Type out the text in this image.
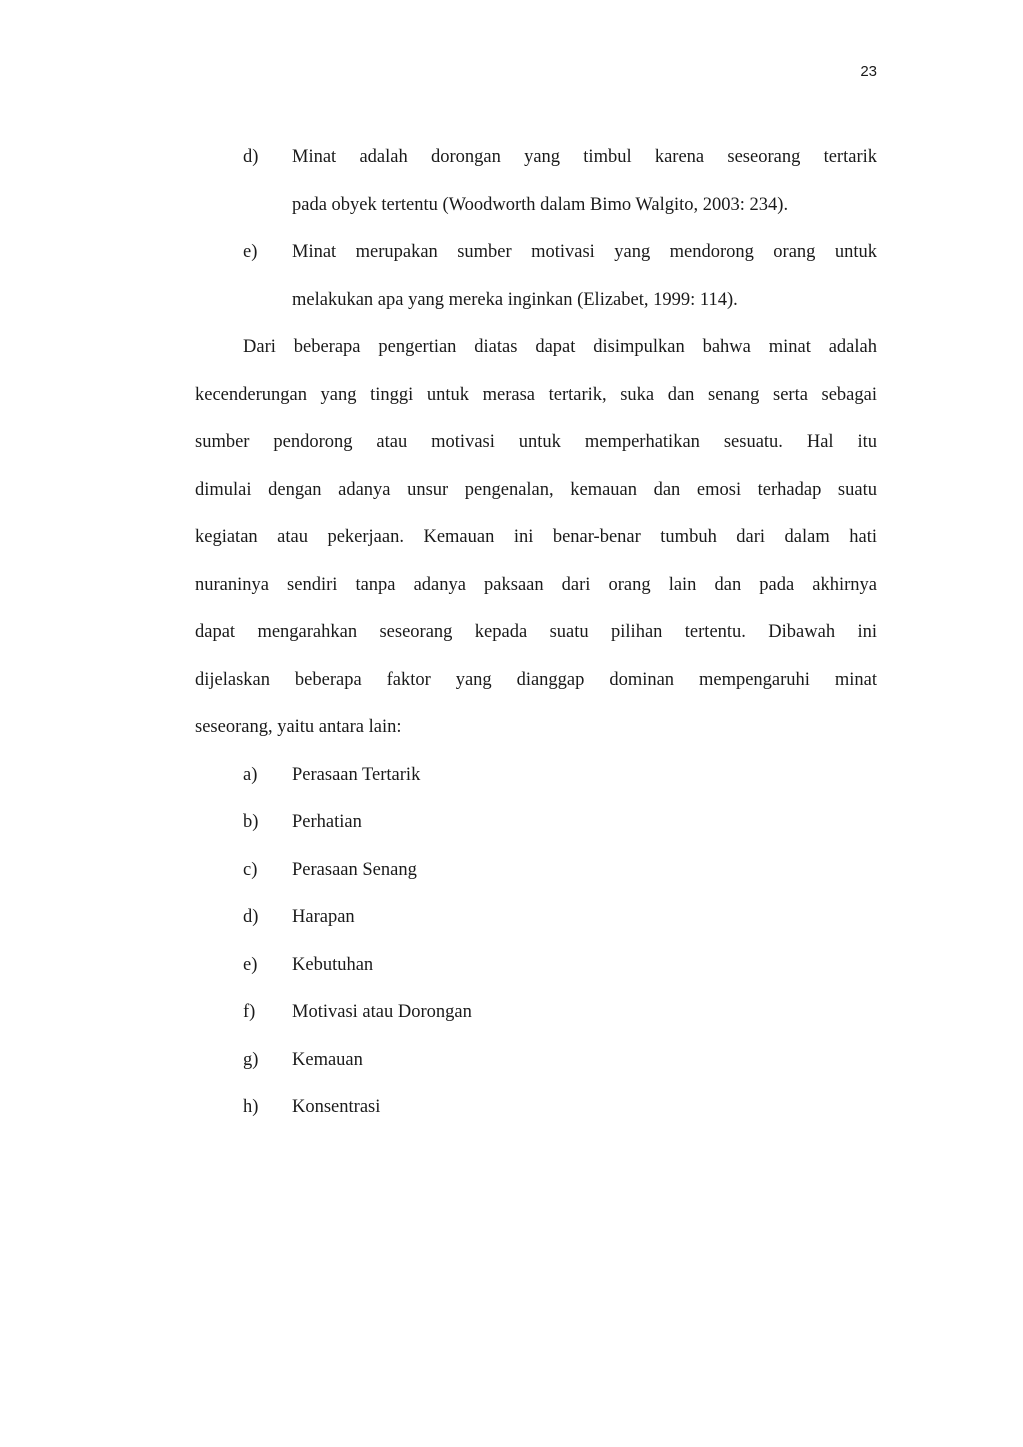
23
d)	Minat adalah dorongan yang timbul karena seseorang tertarik
pada obyek tertentu (Woodworth dalam Bimo Walgito, 2003: 234).
e)	Minat merupakan sumber motivasi yang mendorong orang untuk
melakukan apa yang mereka inginkan (Elizabet, 1999: 114).
Dari beberapa pengertian diatas dapat disimpulkan bahwa minat adalah
kecenderungan yang tinggi untuk merasa tertarik, suka dan senang serta sebagai
sumber pendorong atau motivasi untuk memperhatikan sesuatu. Hal itu
dimulai dengan adanya unsur pengenalan, kemauan dan emosi terhadap suatu
kegiatan atau pekerjaan. Kemauan ini benar-benar tumbuh dari dalam hati
nuraninya sendiri tanpa adanya paksaan dari orang lain dan pada akhirnya
dapat mengarahkan seseorang kepada suatu pilihan tertentu. Dibawah ini
dijelaskan beberapa faktor yang dianggap dominan mempengaruhi minat
seseorang, yaitu antara lain:
a) Perasaan Tertarik
b) Perhatian
c) Perasaan Senang
d) Harapan
e) Kebutuhan
f) Motivasi atau Dorongan
g) Kemauan
h) Konsentrasi
